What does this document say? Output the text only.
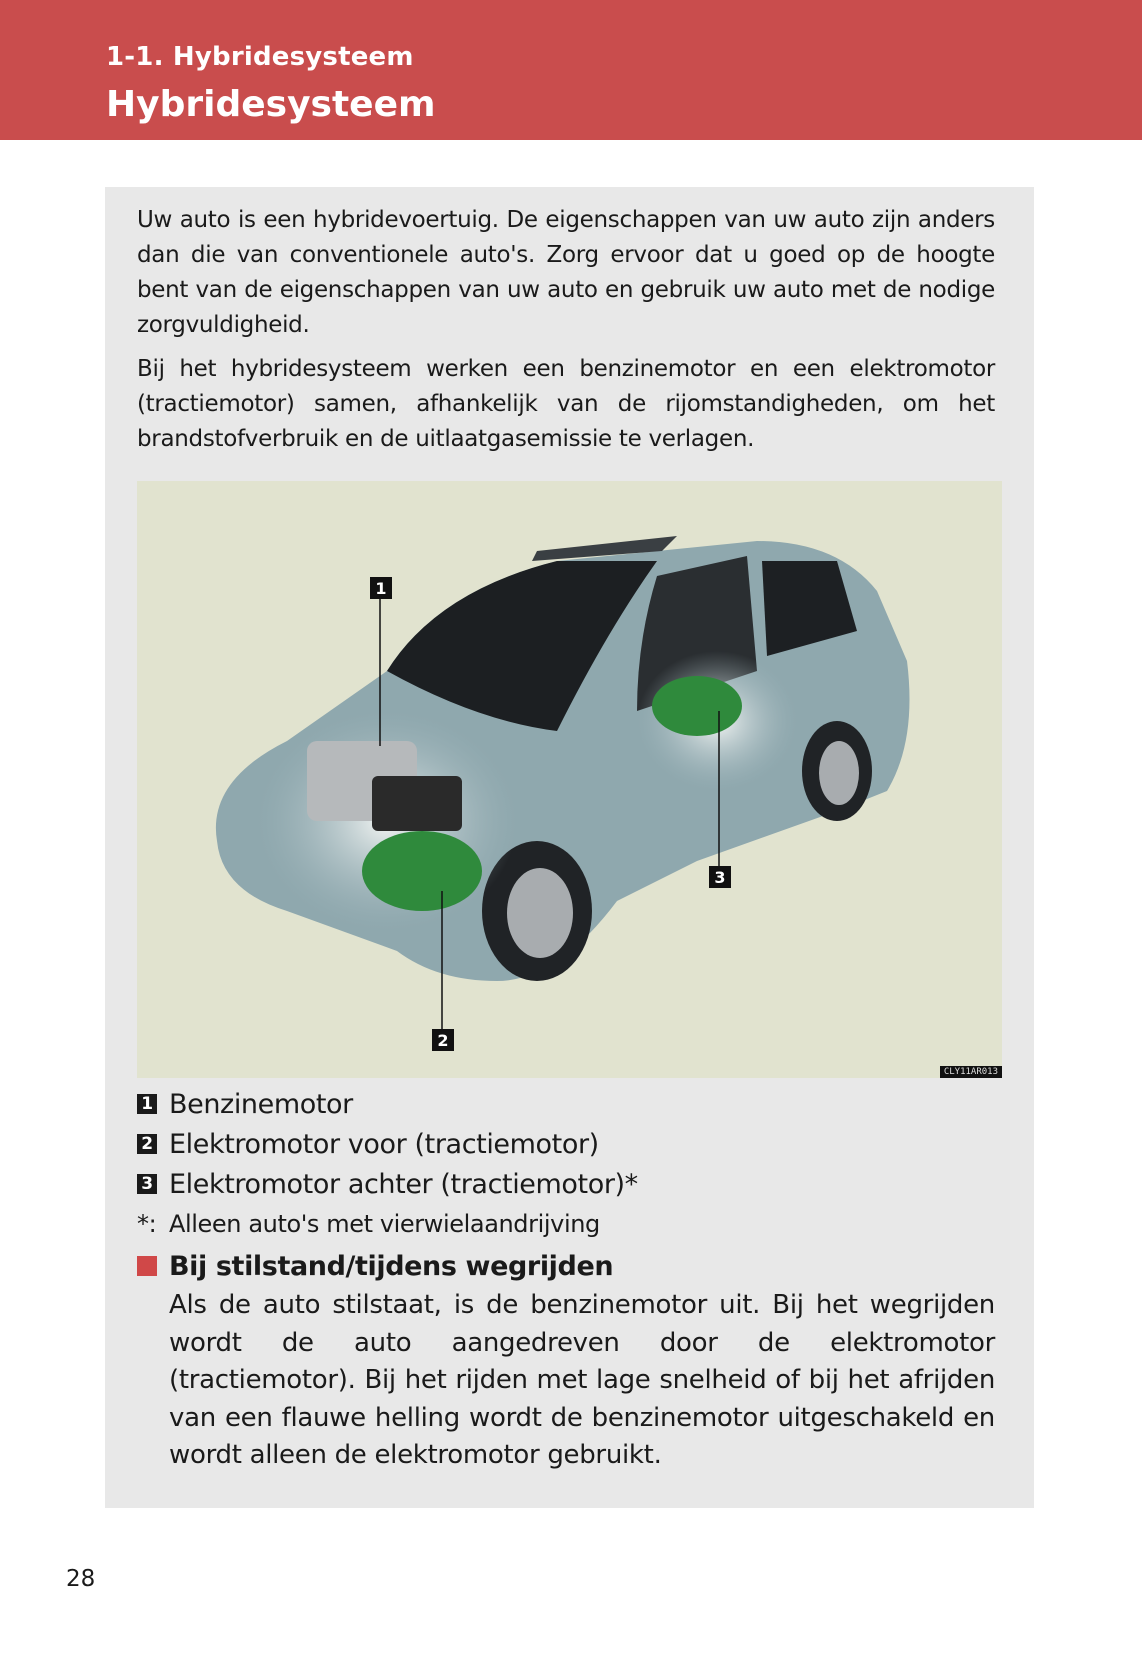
1-1. Hybridesysteem
Hybridesysteem

Uw auto is een hybridevoertuig. De eigenschappen van uw auto zijn anders dan die van conventionele auto's. Zorg ervoor dat u goed op de hoogte bent van de eigenschappen van uw auto en gebruik uw auto met de nodige zorgvuldigheid.

Bij het hybridesysteem werken een benzinemotor en een elektromotor (tractiemotor) samen, afhankelijk van de rijomstandigheden, om het brandstofverbruik en de uitlaatgasemissie te verlagen.

1
2
3
CLY11AR013
1 Benzinemotor
2 Elektromotor voor (tractiemotor)
3 Elektromotor achter (tractiemotor)*
*: Alleen auto's met vierwielaandrijving
Bij stilstand/tijdens wegrijden
Als de auto stilstaat, is de benzinemotor uit. Bij het wegrijden wordt de auto aangedreven door de elektromotor (tractiemotor). Bij het rijden met lage snelheid of bij het afrijden van een flauwe helling wordt de benzinemotor uitgeschakeld en wordt alleen de elektromotor gebruikt.
28
